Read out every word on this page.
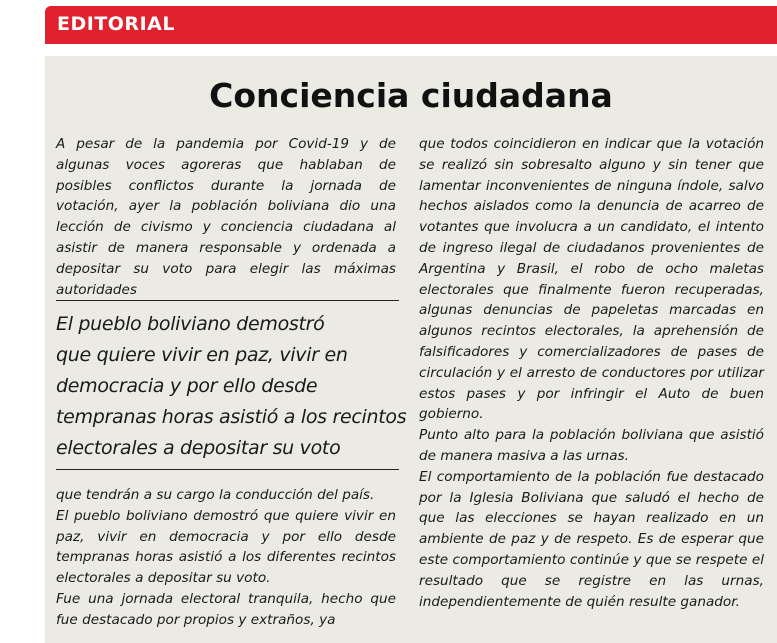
EDITORIAL
Conciencia ciudadana

A pesar de la pandemia por Covid-19 y de algunas voces agoreras que hablaban de posibles conflictos durante la jornada de votación, ayer la población boliviana dio una lección de civismo y conciencia ciudadana al asistir de manera responsable y ordenada a depositar su voto para elegir las máximas autoridades

El pueblo boliviano demostró
que quiere vivir en paz, vivir en
democracia y por ello desde
tempranas horas asistió a los recintos
electorales a depositar su voto

que tendrán a su cargo la conducción del país.

El pueblo boliviano demostró que quiere vivir en paz, vivir en democracia y por ello desde tempranas horas asistió a los diferentes recintos electorales a depositar su voto.

Fue una jornada electoral tranquila, hecho que fue destacado por propios y extraños, ya

que todos coincidieron en indicar que la votación se realizó sin sobresalto alguno y sin tener que lamentar inconvenientes de ninguna índole, salvo hechos aislados como la denuncia de acarreo de votantes que involucra a un candidato, el intento de ingreso ilegal de ciudadanos provenientes de Argentina y Brasil, el robo de ocho maletas electorales que finalmente fueron recuperadas, algunas denuncias de papeletas marcadas en algunos recintos electorales, la aprehensión de falsificadores y comercializadores de pases de circulación y el arresto de conductores por utilizar estos pases y por infringir el Auto de buen gobierno.

Punto alto para la población boliviana que asistió de manera masiva a las urnas.

El comportamiento de la población fue destacado por la Iglesia Boliviana que saludó el hecho de que las elecciones se hayan realizado en un ambiente de paz y de respeto. Es de esperar que este comportamiento continúe y que se respete el resultado que se registre en las urnas, independientemente de quién resulte ganador.
